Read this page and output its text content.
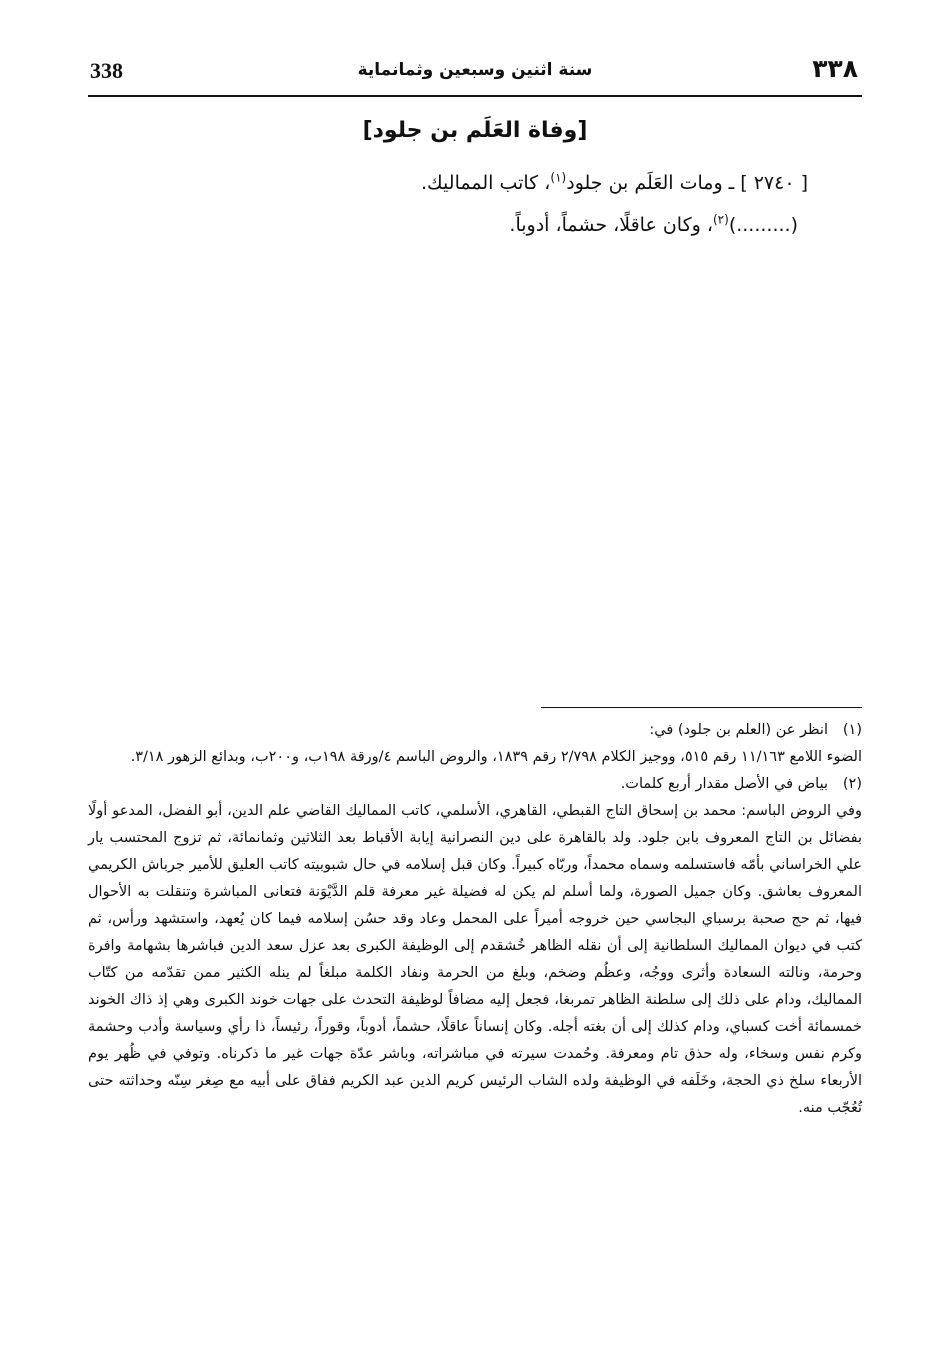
338	سنة اثنين وسبعين وثمانماية	٣٣٨
[وفاة العَلَم بن جلود]
[ ٢٧٤٠ ] ـ ومات العَلَم بن جلود$^{(١)}$، كاتب المماليك.
(.........)$^{(٢)}$، وكان عاقلًا، حشماً، أدوباً.
(١)
انظر عن (العلم بن جلود) في:

الضوء اللامع ١١/١٦٣ رقم ٥١٥، ووجيز الكلام ٢/٧٩٨ رقم ١٨٣٩، والروض الباسم ٤/ورقة ١٩٨ب، و٢٠٠ب، وبدائع الزهور ٣/١٨.

(٢)
بياض في الأصل مقدار أربع كلمات.

وفي الروض الباسم: محمد بن إسحاق التاج القبطي، القاهري، الأسلمي، كاتب المماليك القاضي علم الدين، أبو الفضل، المدعو أولًا بفضائل بن التاج المعروف بابن جلود. ولد بالقاهرة على دين النصرانية إيابة الأقباط بعد الثلاثين وثمانمائة، ثم تزوج المحتسب يار علي الخراساني بأمّه فاستسلمه وسماه محمداً، وربّاه كبيراً. وكان قبل إسلامه في حال شبوبيته كاتب العليق للأمير جرباش الكريمي المعروف بعاشق. وكان جميل الصورة، ولما أسلم لم يكن له فضيلة غير معرفة قلم الدَّيْوَنة فتعانى المباشرة وتنقلت به الأحوال فيها، ثم حج صحبة برسباي البجاسي حين خروجه أميراً على المحمل وعاد وقد حسُن إسلامه فيما كان يُعهد، واستشهد ورأس، ثم كتب في ديوان المماليك السلطانية إلى أن نقله الظاهر خُشقدم إلى الوظيفة الكبرى بعد عزل سعد الدين فباشرها بشهامة وافرة وحرمة، ونالته السعادة وأثرى ووجُه، وعظُم وضخم، وبلغ من الحرمة ونفاد الكلمة مبلغاً لم ينله الكثير ممن تقدّمه من كتّاب المماليك، ودام على ذلك إلى سلطنة الظاهر تمربغا، فجعل إليه مضافاً لوظيفة التحدث على جهات خوند الكبرى وهي إذ ذاك الخوند خمسمائة أخت كسباي، ودام كذلك إلى أن بغته أجله. وكان إنساناً عاقلًا، حشماً، أدوباً، وقوراً، رئيساً، ذا رأي وسياسة وأدب وحشمة وكرم نفس وسخاء، وله حذق تام ومعرفة. وحُمدت سيرته في مباشراته، وباشر عدّة جهات غير ما ذكرناه. وتوفي في ظُهر يوم الأربعاء سلخ ذي الحجة، وخَلَفه في الوظيفة ولده الشاب الرئيس كريم الدين عبد الكريم ففاق على أبيه مع صِغر سِنّه وحداثته حتى تُعُجّب منه.
